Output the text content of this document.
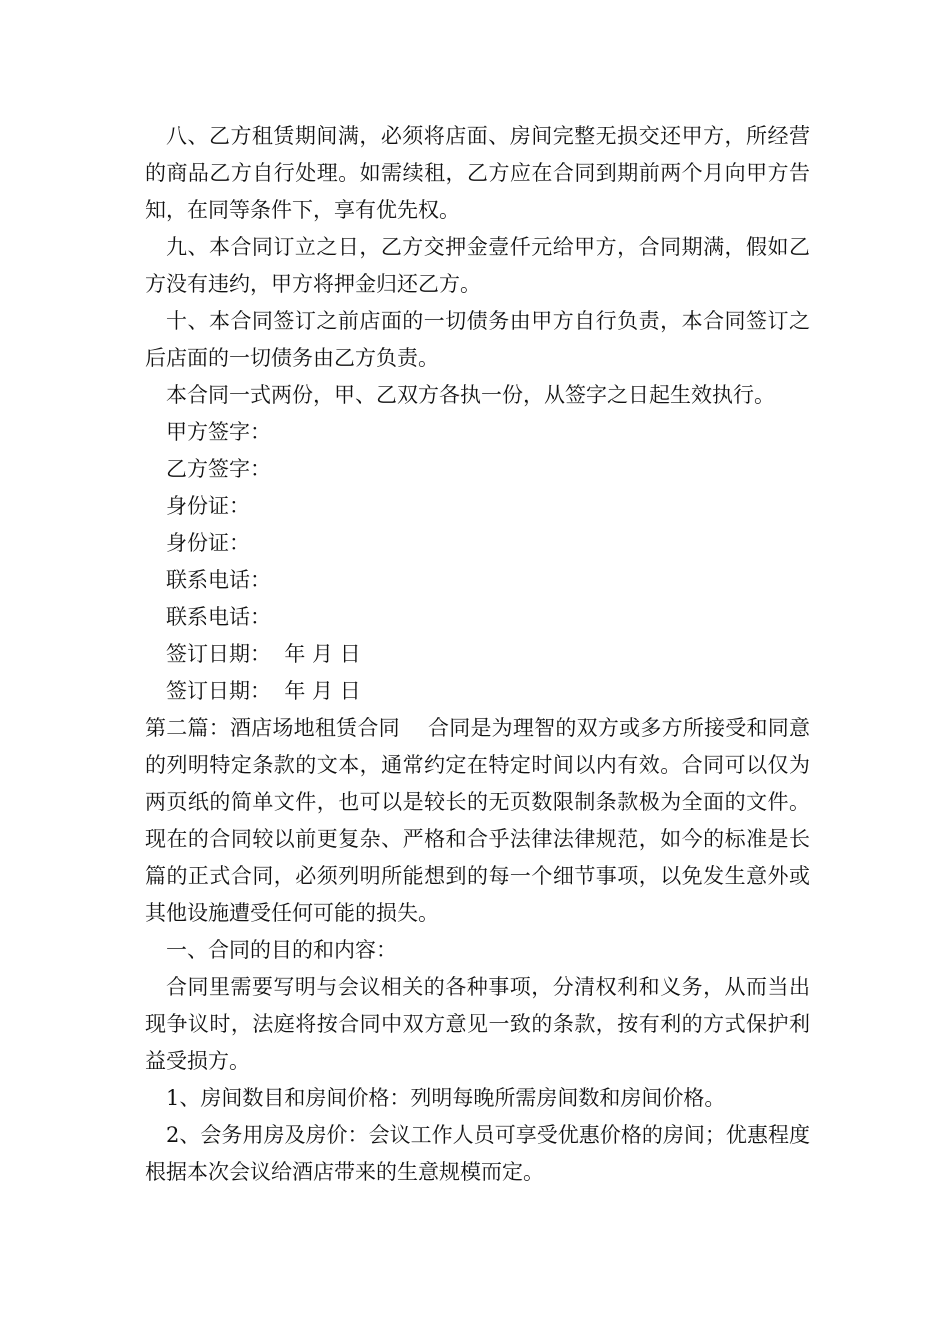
八、乙方租赁期间满，必须将店面、房间完整无损交还甲方，所经营的商品乙方自行处理。如需续租，乙方应在合同到期前两个月向甲方告知，在同等条件下，享有优先权。

九、本合同订立之日，乙方交押金壹仟元给甲方，合同期满，假如乙方没有违约，甲方将押金归还乙方。

十、本合同签订之前店面的一切债务由甲方自行负责，本合同签订之后店面的一切债务由乙方负责。

本合同一式两份，甲、乙双方各执一份，从签字之日起生效执行。

甲方签字：

乙方签字：

身份证：

身份证：

联系电话：

联系电话：

签订日期：  年 月 日

签订日期：  年 月 日

第二篇：酒店场地租赁合同　 合同是为理智的双方或多方所接受和同意的列明特定条款的文本，通常约定在特定时间以内有效。合同可以仅为两页纸的简单文件，也可以是较长的无页数限制条款极为全面的文件。现在的合同较以前更复杂、严格和合乎法律法律规范，如今的标准是长篇的正式合同，必须列明所能想到的每一个细节事项，以免发生意外或其他设施遭受任何可能的损失。

一、合同的目的和内容：

合同里需要写明与会议相关的各种事项，分清权利和义务，从而当出现争议时，法庭将按合同中双方意见一致的条款，按有利的方式保护利益受损方。

1、房间数目和房间价格：列明每晚所需房间数和房间价格。

2、会务用房及房价：会议工作人员可享受优惠价格的房间；优惠程度根据本次会议给酒店带来的生意规模而定。
